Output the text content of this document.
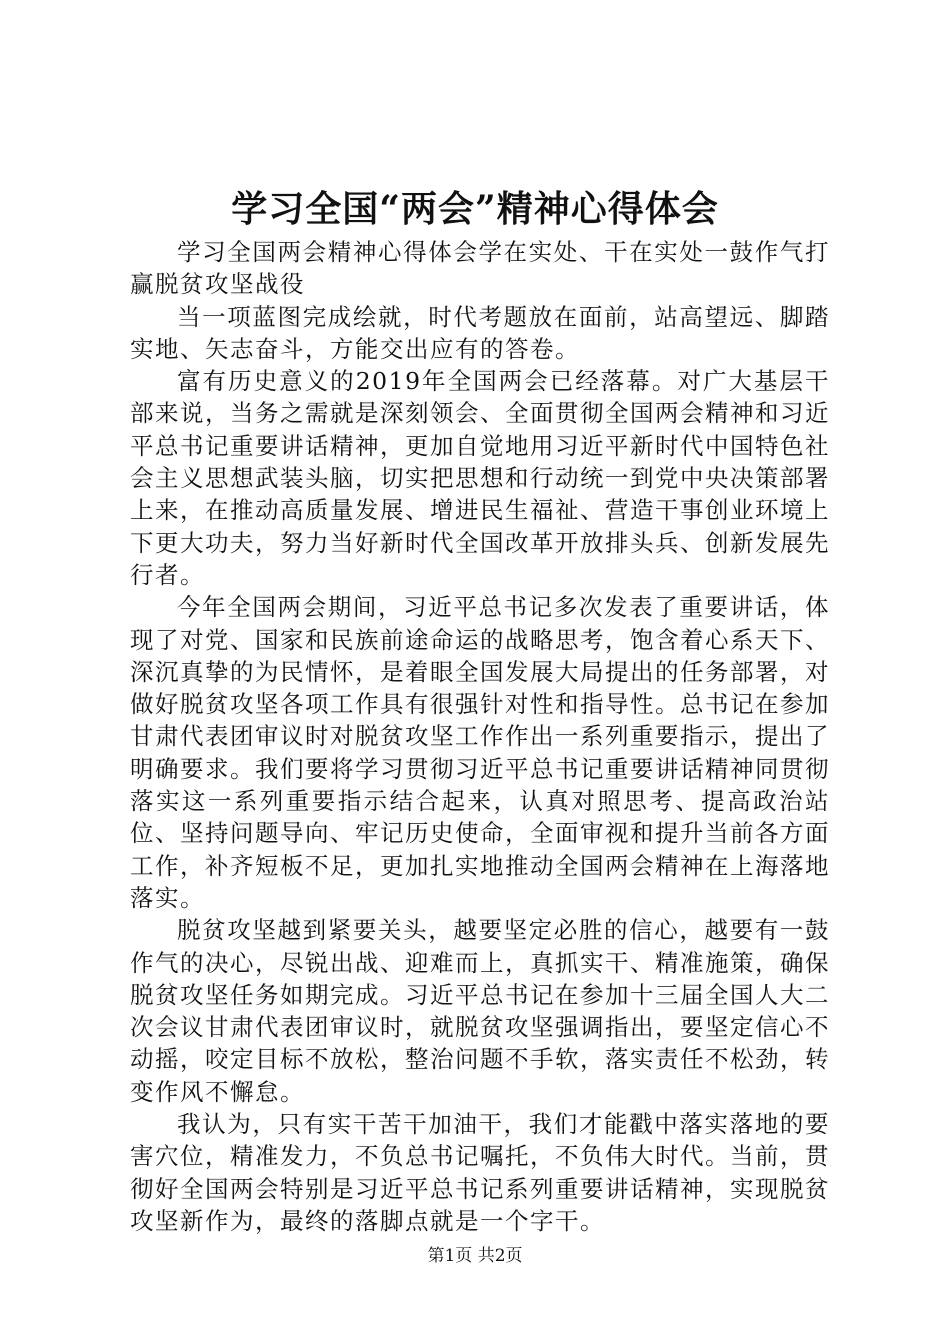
学习全国“两会”精神心得体会

学习全国两会精神心得体会学在实处、干在实处一鼓作气打赢脱贫攻坚战役

当一项蓝图完成绘就，时代考题放在面前，站高望远、脚踏实地、矢志奋斗，方能交出应有的答卷。

富有历史意义的2019年全国两会已经落幕。对广大基层干部来说，当务之需就是深刻领会、全面贯彻全国两会精神和习近平总书记重要讲话精神，更加自觉地用习近平新时代中国特色社会主义思想武装头脑，切实把思想和行动统一到党中央决策部署上来，在推动高质量发展、增进民生福祉、营造干事创业环境上下更大功夫，努力当好新时代全国改革开放排头兵、创新发展先行者。

今年全国两会期间，习近平总书记多次发表了重要讲话，体现了对党、国家和民族前途命运的战略思考，饱含着心系天下、深沉真挚的为民情怀，是着眼全国发展大局提出的任务部署，对做好脱贫攻坚各项工作具有很强针对性和指导性。总书记在参加甘肃代表团审议时对脱贫攻坚工作作出一系列重要指示，提出了明确要求。我们要将学习贯彻习近平总书记重要讲话精神同贯彻落实这一系列重要指示结合起来，认真对照思考、提高政治站位、坚持问题导向、牢记历史使命，全面审视和提升当前各方面工作，补齐短板不足，更加扎实地推动全国两会精神在上海落地落实。

脱贫攻坚越到紧要关头，越要坚定必胜的信心，越要有一鼓作气的决心，尽锐出战、迎难而上，真抓实干、精准施策，确保脱贫攻坚任务如期完成。习近平总书记在参加十三届全国人大二次会议甘肃代表团审议时，就脱贫攻坚强调指出，要坚定信心不动摇，咬定目标不放松，整治问题不手软，落实责任不松劲，转变作风不懈怠。

我认为，只有实干苦干加油干，我们才能戳中落实落地的要害穴位，精准发力，不负总书记嘱托，不负伟大时代。当前，贯彻好全国两会特别是习近平总书记系列重要讲话精神，实现脱贫攻坚新作为，最终的落脚点就是一个字干。

第1页 共2页
